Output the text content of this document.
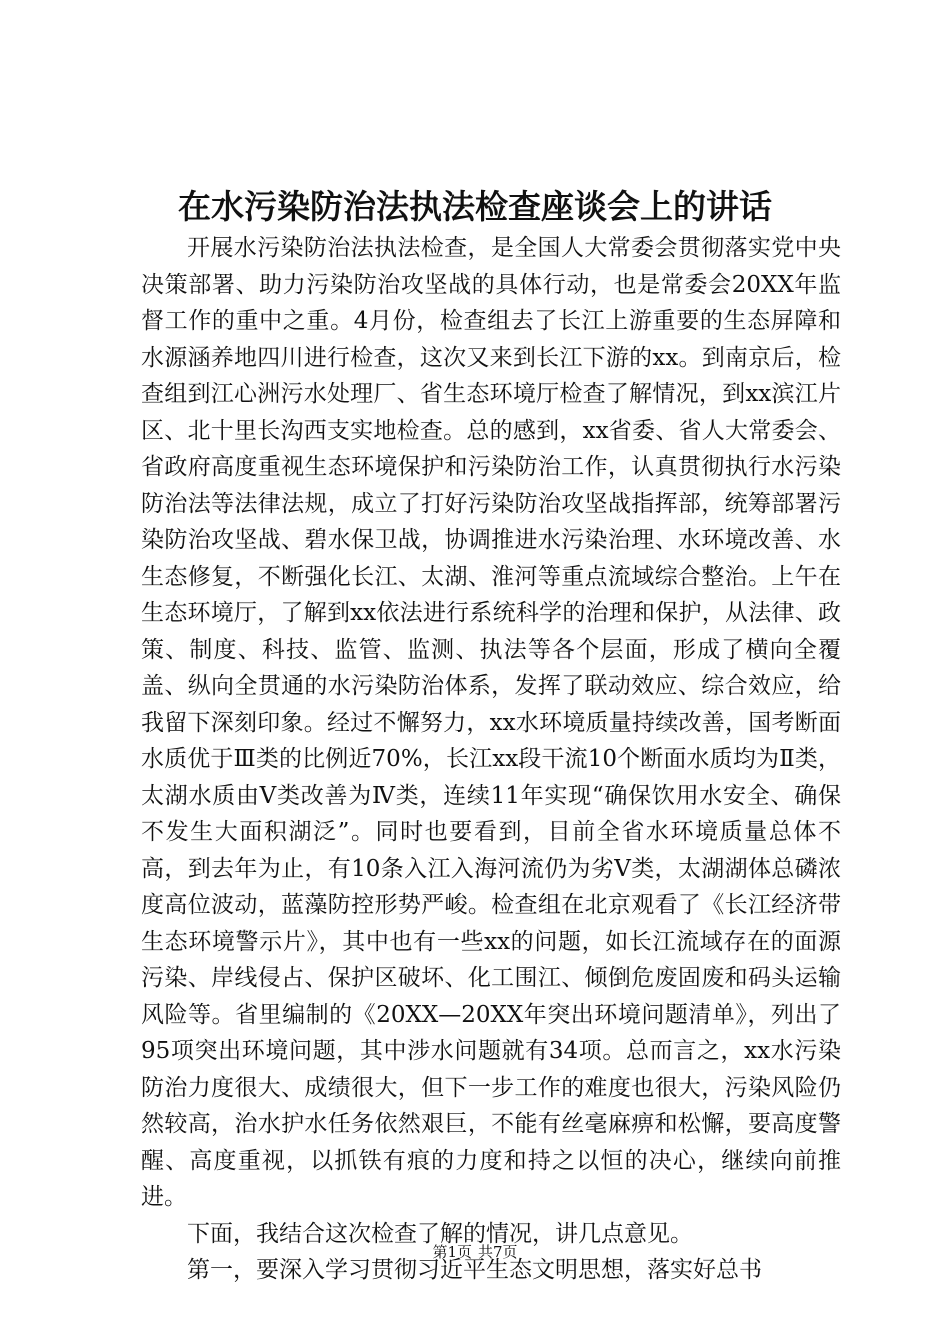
在水污染防治法执法检查座谈会上的讲话

开展水污染防治法执法检查，是全国人大常委会贯彻落实党中央决策部署、助力污染防治攻坚战的具体行动，也是常委会20XX年监督工作的重中之重。4月份，检查组去了长江上游重要的生态屏障和水源涵养地四川进行检查，这次又来到长江下游的xx。到南京后，检查组到江心洲污水处理厂、省生态环境厅检查了解情况，到xx滨江片区、北十里长沟西支实地检查。总的感到，xx省委、省人大常委会、省政府高度重视生态环境保护和污染防治工作，认真贯彻执行水污染防治法等法律法规，成立了打好污染防治攻坚战指挥部，统筹部署污染防治攻坚战、碧水保卫战，协调推进水污染治理、水环境改善、水生态修复，不断强化长江、太湖、淮河等重点流域综合整治。上午在生态环境厅，了解到xx依法进行系统科学的治理和保护，从法律、政策、制度、科技、监管、监测、执法等各个层面，形成了横向全覆盖、纵向全贯通的水污染防治体系，发挥了联动效应、综合效应，给我留下深刻印象。经过不懈努力，xx水环境质量持续改善，国考断面水质优于Ⅲ类的比例近70%，长江xx段干流10个断面水质均为Ⅱ类，太湖水质由Ⅴ类改善为Ⅳ类，连续11年实现“确保饮用水安全、确保不发生大面积湖泛”。同时也要看到，目前全省水环境质量总体不高，到去年为止，有10条入江入海河流仍为劣Ⅴ类，太湖湖体总磷浓度高位波动，蓝藻防控形势严峻。检查组在北京观看了《长江经济带生态环境警示片》，其中也有一些xx的问题，如长江流域存在的面源污染、岸线侵占、保护区破坏、化工围江、倾倒危废固废和码头运输风险等。省里编制的《20XX—20XX年突出环境问题清单》，列出了95项突出环境问题，其中涉水问题就有34项。总而言之，xx水污染防治力度很大、成绩很大，但下一步工作的难度也很大，污染风险仍然较高，治水护水任务依然艰巨，不能有丝毫麻痹和松懈，要高度警醒、高度重视，以抓铁有痕的力度和持之以恒的决心，继续向前推进。

下面，我结合这次检查了解的情况，讲几点意见。

第一，要深入学习贯彻习近平生态文明思想，落实好总书

第1页 共7页
